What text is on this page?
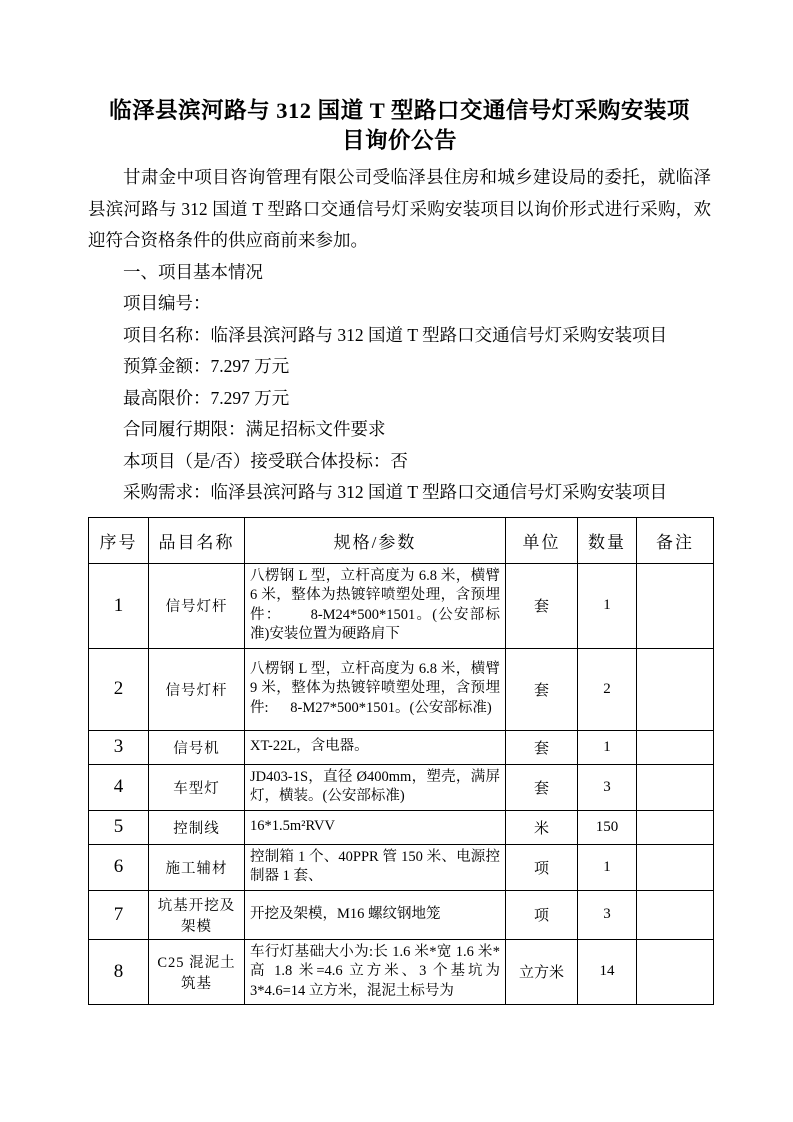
临泽县滨河路与 312 国道 T 型路口交通信号灯采购安装项目询价公告

甘肃金中项目咨询管理有限公司受临泽县住房和城乡建设局的委托，就临泽县滨河路与 312 国道 T 型路口交通信号灯采购安装项目以询价形式进行采购，欢迎符合资格条件的供应商前来参加。

一、项目基本情况

项目编号：

项目名称：临泽县滨河路与 312 国道 T 型路口交通信号灯采购安装项目

预算金额：7.297 万元

最高限价：7.297 万元

合同履行期限：满足招标文件要求

本项目（是/否）接受联合体投标：否

采购需求：临泽县滨河路与 312 国道 T 型路口交通信号灯采购安装项目

序号	品目名称	规格/参数	单位	数量	备注
1	信号灯杆	八楞钢 L 型，立杆高度为 6.8 米，横臂 6 米，整体为热镀锌喷塑处理，含预埋件：      8-M24*500*1501。(公安部标准)安装位置为硬路肩下	套	1	
2	信号灯杆	八楞钢 L 型，立杆高度为 6.8 米，横臂 9 米，整体为热镀锌喷塑处理，含预埋件:      8-M27*500*1501。(公安部标准)	套	2	
3	信号机	XT-22L，含电器。	套	1	
4	车型灯	JD403-1S，直径 Ø400mm，塑壳，满屏灯，横装。(公安部标准)	套	3	
5	控制线	16*1.5m²RVV	米	150	
6	施工辅材	控制箱 1 个、40PPR 管 150 米、电源控制器 1 套、	项	1	
7	坑基开挖及架模	开挖及架模，M16 螺纹钢地笼	项	3	
8	C25 混泥土筑基	车行灯基础大小为:长 1.6 米*宽 1.6 米*高 1.8 米=4.6 立方米、3 个基坑为 3*4.6=14 立方米，混泥土标号为	立方米	14	
